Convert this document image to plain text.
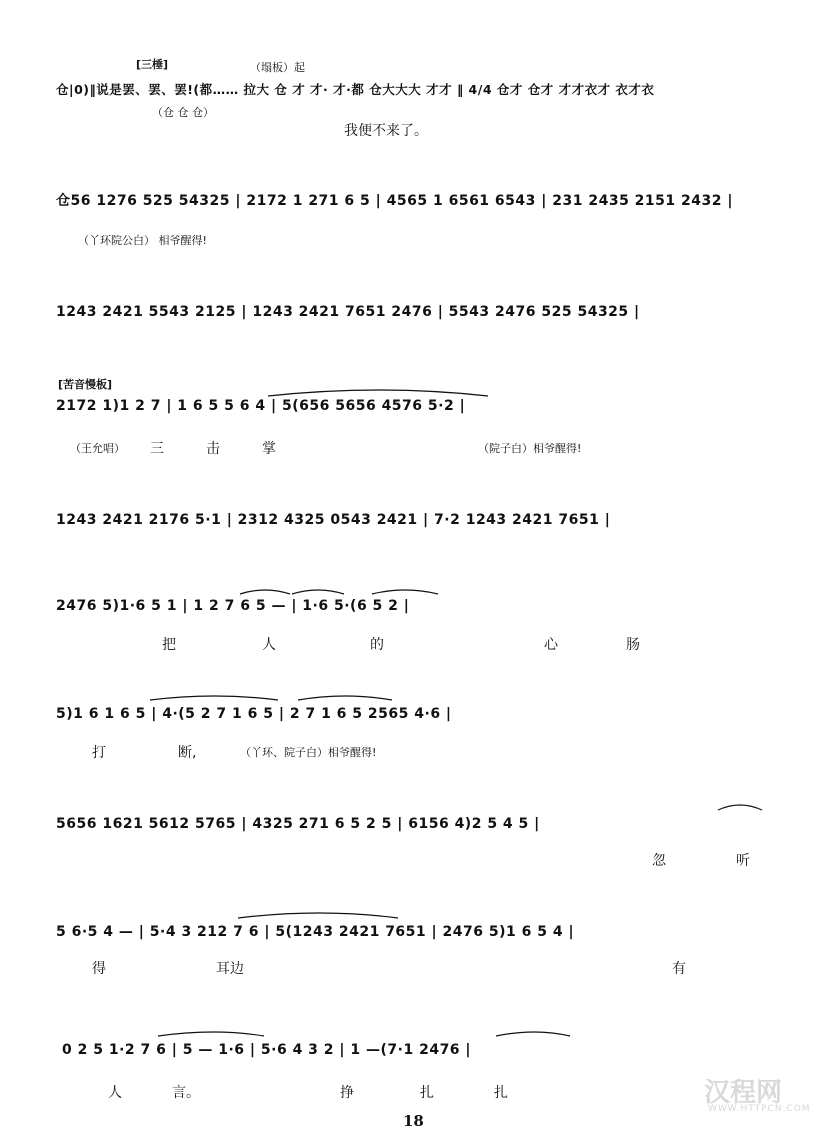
[三棰]	（塌板）起
仓|0)‖说是罢、罢、罢!(都…… 拉大 仓 才 才· 才·都 仓大大大 才才 ‖ 4/4 仓才 仓才 才才衣才 衣才衣
（仓 仓 仓）
我便不来了。
仓56 1276 525 54325 | 2172 1 271 6 5 | 4565 1 6561 6543 | 231 2435 2151 2432 |
（丫环院公白） 相爷醒得!
1243 2421 5543 2125 | 1243 2421 7651 2476 | 5543 2476 525 54325 |
[苦音慢板]
2172 1)1 2 7 | 1 6 5 5 6 4 | 5(656 5656 4576 5·2 |
（王允唱） 三	击	掌	（院子白）相爷醒得!
1243 2421 2176 5·1 | 2312 4325 0543 2421 | 7·2 1243 2421 7651 |
2476 5)1·6 5 1 | 1 2 7 6 5 — | 1·6 5·(6 5 2 |
把	人	的	心	肠
5)1 6 1 6 5 | 4·(5 2 7 1 6 5 | 2 7 1 6 5 2565 4·6 |
打	断,	（丫环、院子白）相爷醒得!
5656 1621 5612 5765 | 4325 271 6 5 2 5 | 6156 4)2 5 4 5 |
忽	听
5 6·5 4 — | 5·4 3 212 7 6 | 5(1243 2421 7651 | 2476 5)1 6 5 4 |
得	耳边	有
0 2 5 1·2 7 6 | 5 — 1·6 | 5·6 4 3 2 | 1 —(7·1 2476 |
人	言。	挣	扎	扎
18
汉程网
WWW.HTTPCN.COM
